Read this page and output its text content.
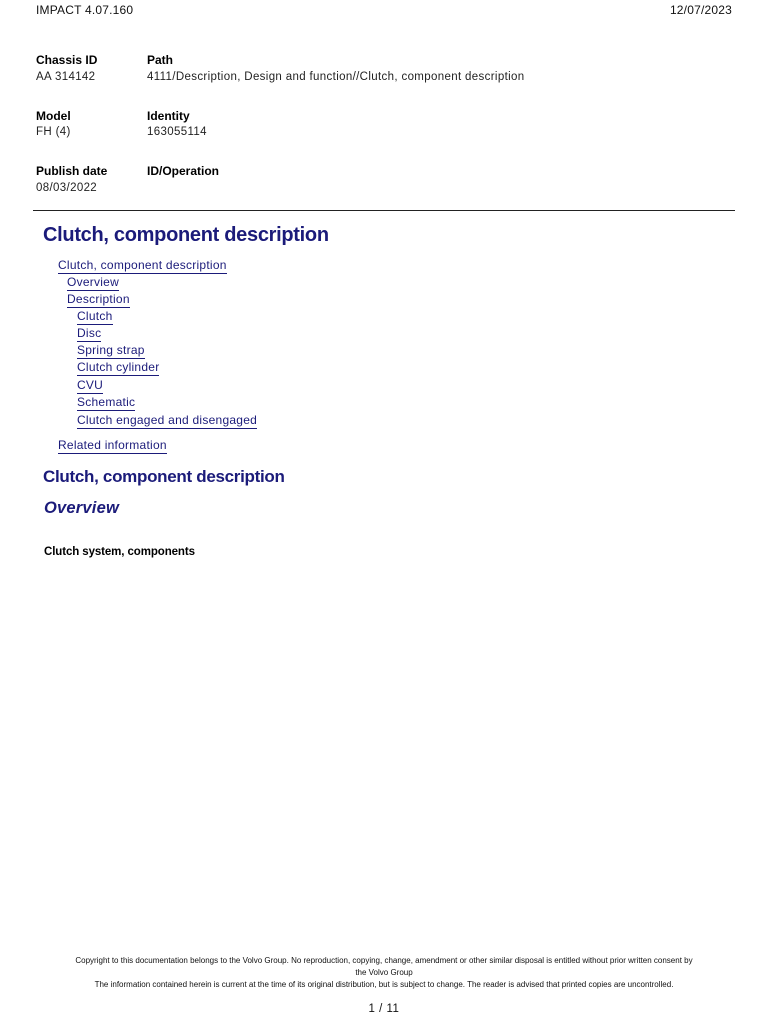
IMPACT 4.07.160	12/07/2023
Chassis ID
AA 314142
Path
4111/Description, Design and function//Clutch, component description
Model
FH (4)
Identity
163055114
Publish date
08/03/2022
ID/Operation
Clutch, component description
Clutch, component description
Overview
Description
Clutch
Disc
Spring strap
Clutch cylinder
CVU
Schematic
Clutch engaged and disengaged
Related information
Clutch, component description
Overview
Clutch system, components
Copyright to this documentation belongs to the Volvo Group. No reproduction, copying, change, amendment or other similar disposal is entitled without prior written consent by
the Volvo Group
The information contained herein is current at the time of its original distribution, but is subject to change. The reader is advised that printed copies are uncontrolled.
1 / 11
